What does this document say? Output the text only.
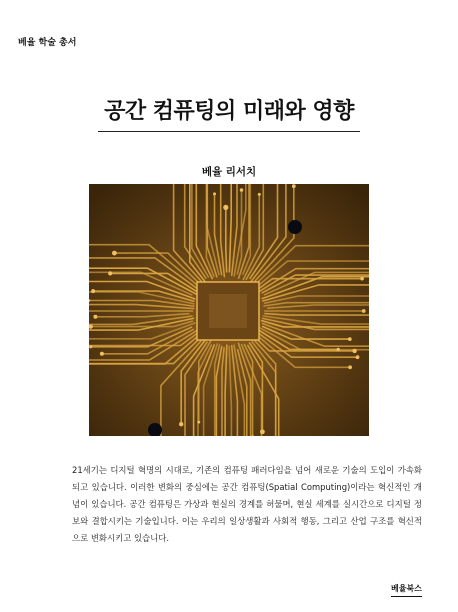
베율 학술 총서
공간 컴퓨팅의 미래와 영향
베율 리서치
21세기는 디지털 혁명의 시대로, 기존의 컴퓨팅 패러다임을 넘어 새로운 기술의 도입이 가속화되고 있습니다. 이러한 변화의 중심에는 공간 컴퓨팅(Spatial Computing)이라는 혁신적인 개념이 있습니다. 공간 컴퓨팅은 가상과 현실의 경계를 허물며, 현실 세계를 실시간으로 디지털 정보와 결합시키는 기술입니다. 이는 우리의 일상생활과 사회적 행동, 그리고 산업 구조를 혁신적으로 변화시키고 있습니다.
베율북스
